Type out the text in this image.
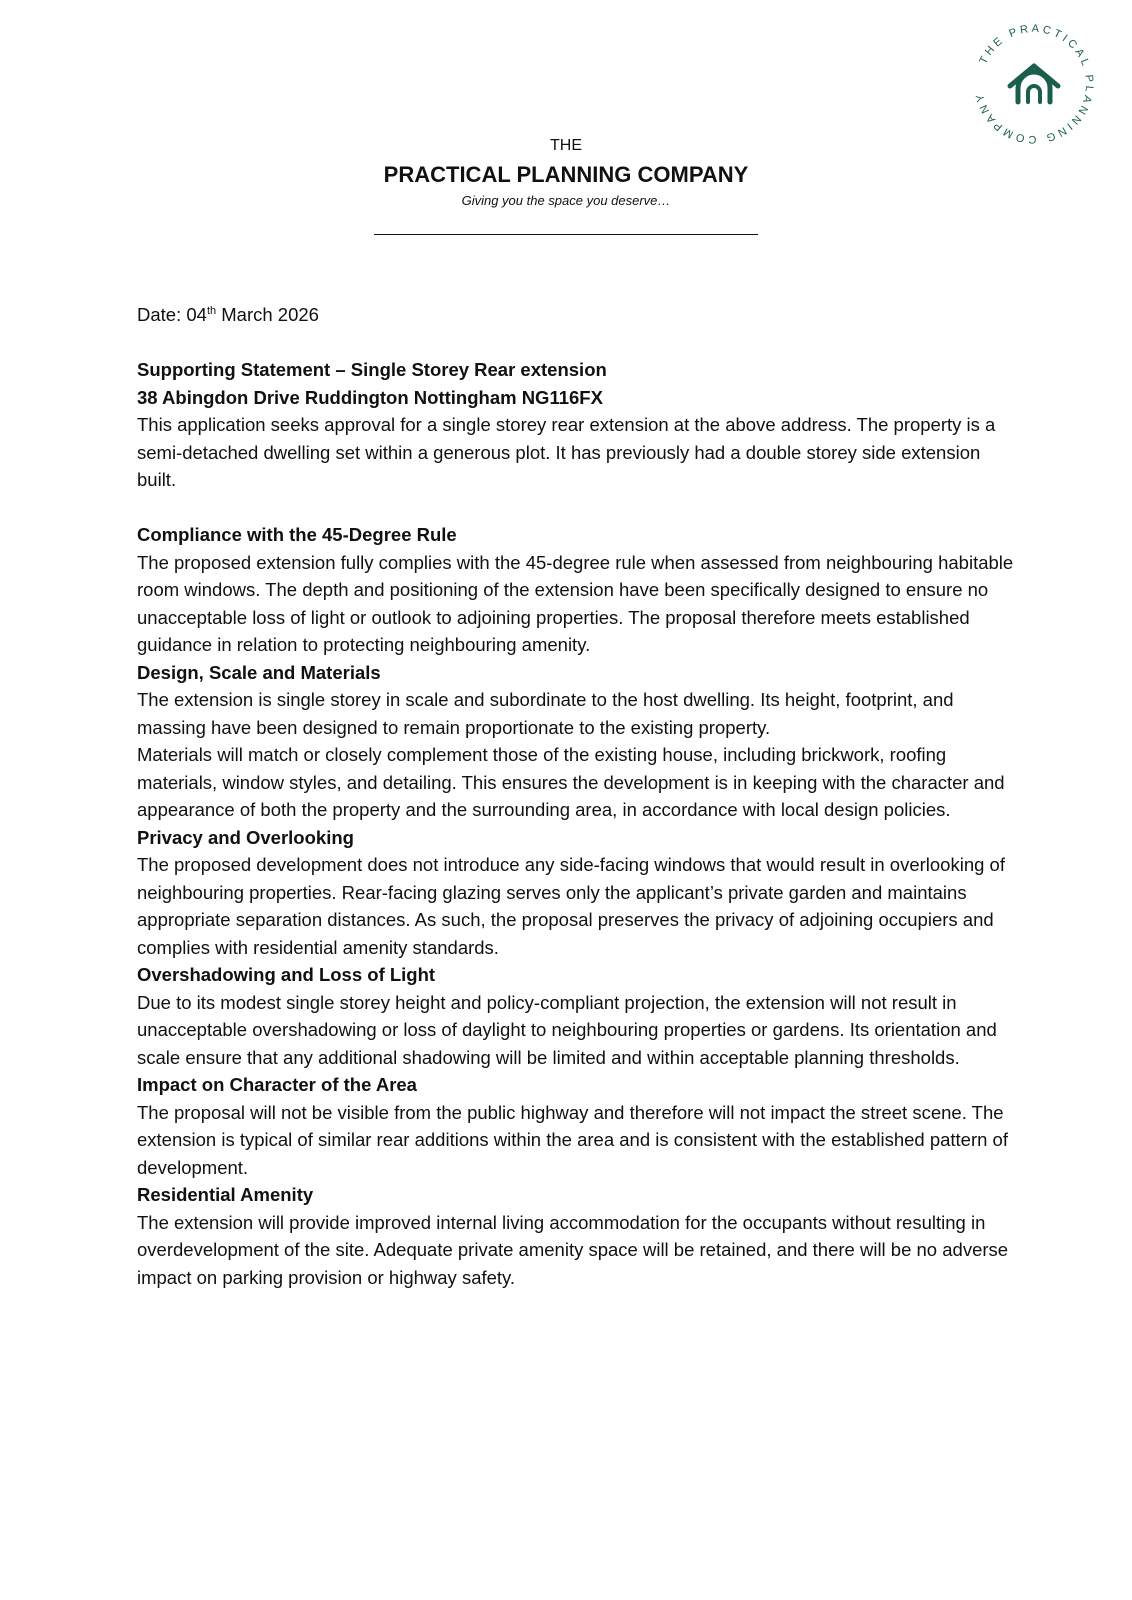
THE PRACTICAL PLANNING COMPANY
THE
PRACTICAL PLANNING COMPANY
Giving you the space you deserve…

Date: 04th March 2026

Supporting Statement – Single Storey Rear extension

38 Abingdon Drive Ruddington Nottingham NG116FX

This application seeks approval for a single storey rear extension at the above address. The property is a semi-detached dwelling set within a generous plot. It has previously had a double storey side extension built.

Compliance with the 45-Degree Rule

The proposed extension fully complies with the 45-degree rule when assessed from neighbouring habitable room windows. The depth and positioning of the extension have been specifically designed to ensure no unacceptable loss of light or outlook to adjoining properties. The proposal therefore meets established guidance in relation to protecting neighbouring amenity.

Design, Scale and Materials

The extension is single storey in scale and subordinate to the host dwelling. Its height, footprint, and massing have been designed to remain proportionate to the existing property.

Materials will match or closely complement those of the existing house, including brickwork, roofing materials, window styles, and detailing. This ensures the development is in keeping with the character and appearance of both the property and the surrounding area, in accordance with local design policies.

Privacy and Overlooking

The proposed development does not introduce any side-facing windows that would result in overlooking of neighbouring properties. Rear-facing glazing serves only the applicant’s private garden and maintains appropriate separation distances. As such, the proposal preserves the privacy of adjoining occupiers and complies with residential amenity standards.

Overshadowing and Loss of Light

Due to its modest single storey height and policy-compliant projection, the extension will not result in unacceptable overshadowing or loss of daylight to neighbouring properties or gardens. Its orientation and scale ensure that any additional shadowing will be limited and within acceptable planning thresholds.

Impact on Character of the Area

The proposal will not be visible from the public highway and therefore will not impact the street scene. The extension is typical of similar rear additions within the area and is consistent with the established pattern of development.

Residential Amenity

The extension will provide improved internal living accommodation for the occupants without resulting in overdevelopment of the site. Adequate private amenity space will be retained, and there will be no adverse impact on parking provision or highway safety.
